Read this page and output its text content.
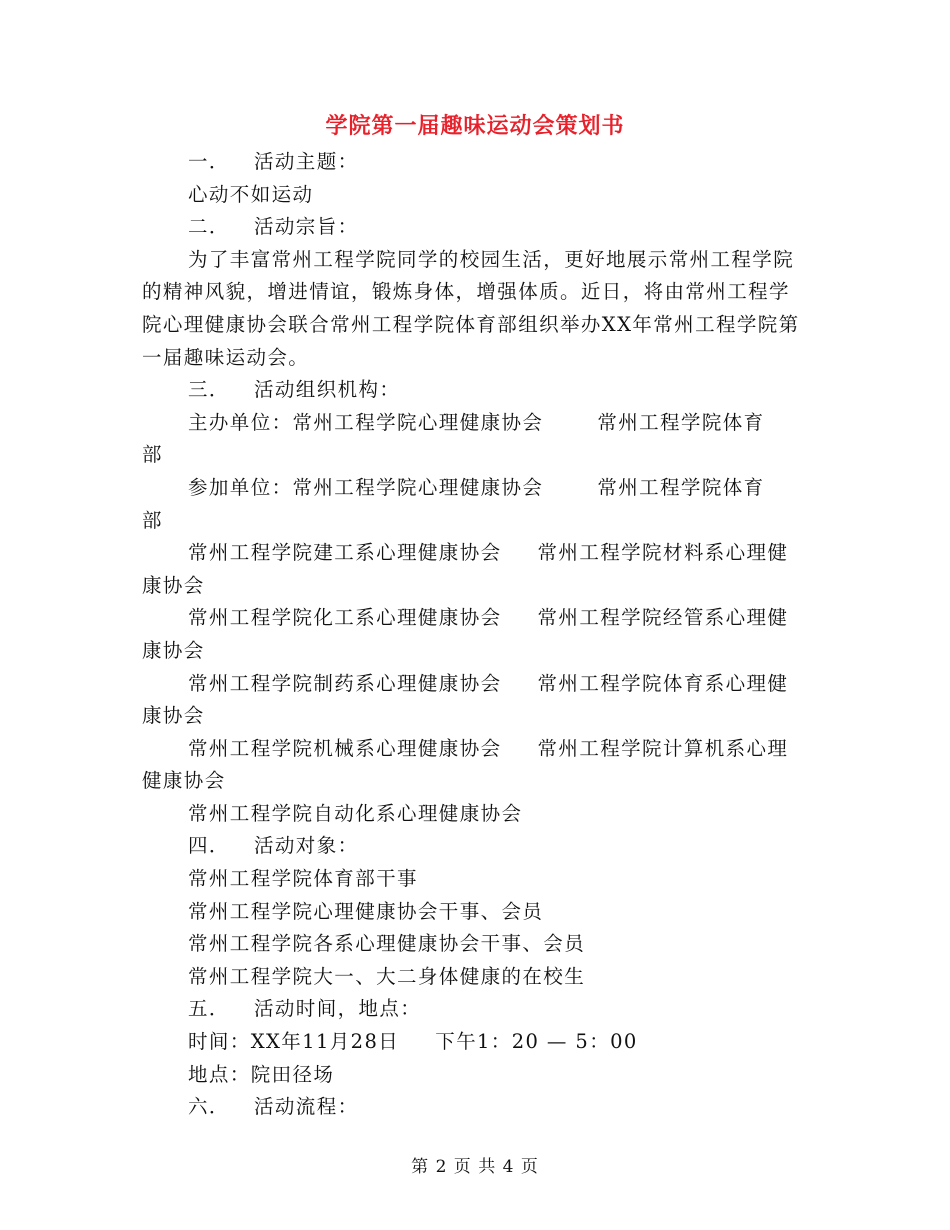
学院第一届趣味运动会策划书

一． 活动主题：

心动不如运动

二． 活动宗旨：

为了丰富常州工程学院同学的校园生活，更好地展示常州工程学院的精神风貌，增进情谊，锻炼身体，增强体质。近日，将由常州工程学院心理健康协会联合常州工程学院体育部组织举办XX年常州工程学院第一届趣味运动会。

三． 活动组织机构：

主办单位：常州工程学院心理健康协会	常州工程学院体育

部

参加单位：常州工程学院心理健康协会	常州工程学院体育

部

常州工程学院建工系心理健康协会 常州工程学院材料系心理健

康协会

常州工程学院化工系心理健康协会 常州工程学院经管系心理健

康协会

常州工程学院制药系心理健康协会 常州工程学院体育系心理健

康协会

常州工程学院机械系心理健康协会 常州工程学院计算机系心理

健康协会

常州工程学院自动化系心理健康协会

四． 活动对象：

常州工程学院体育部干事

常州工程学院心理健康协会干事、会员

常州工程学院各系心理健康协会干事、会员

常州工程学院大一、大二身体健康的在校生

五． 活动时间，地点：

时间：XX年11月28日 下午1：20 — 5：00

地点：院田径场

六． 活动流程：

第 2 页 共 4 页
